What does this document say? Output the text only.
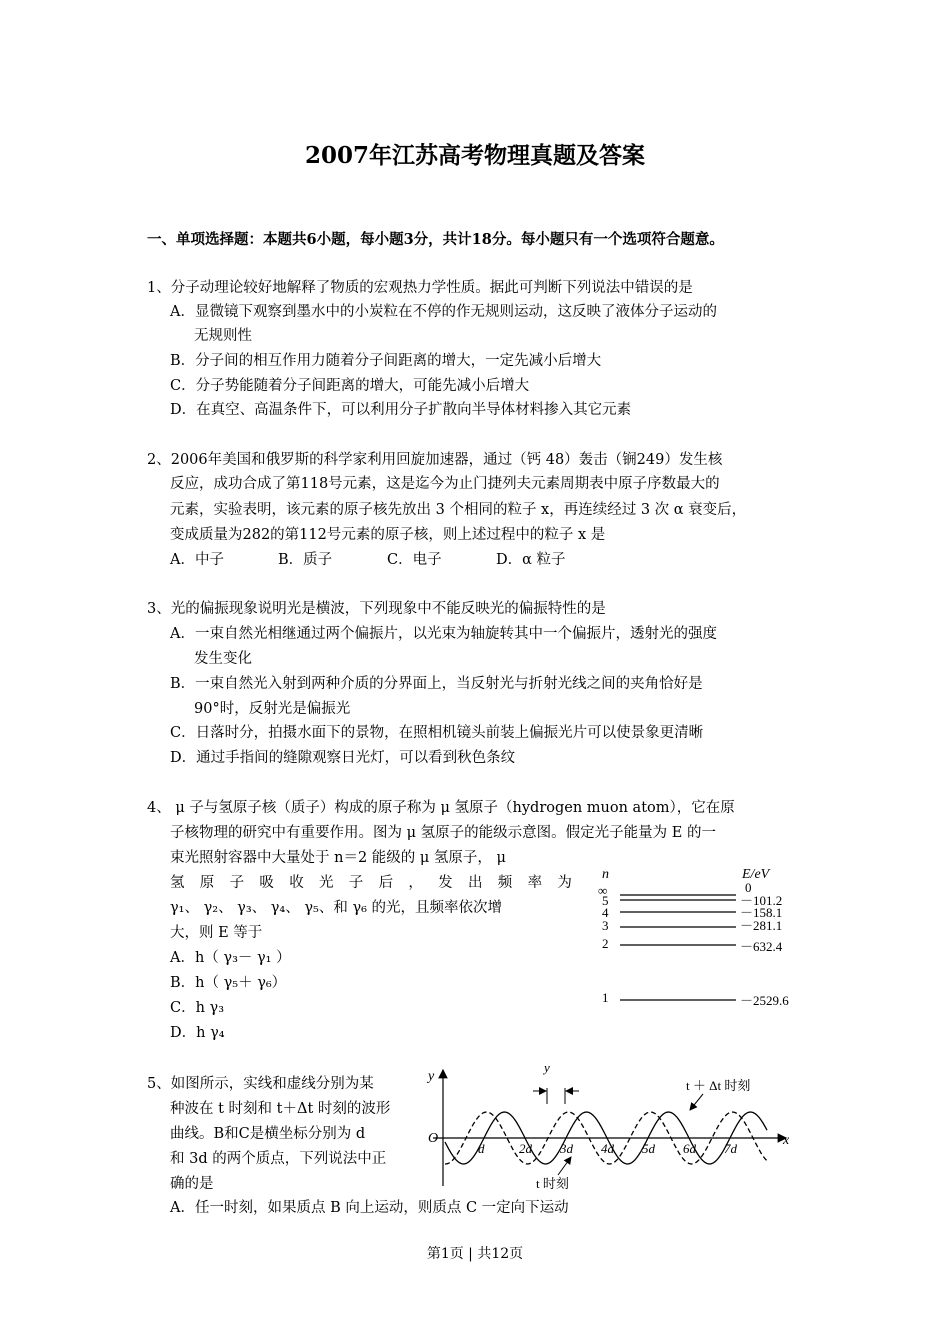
2007年江苏高考物理真题及答案
一、单项选择题：本题共6小题，每小题3分，共计18分。每小题只有一个选项符合题意。
1、分子动理论较好地解释了物质的宏观热力学性质。据此可判断下列说法中错误的是
A．显微镜下观察到墨水中的小炭粒在不停的作无规则运动，这反映了液体分子运动的
无规则性
B．分子间的相互作用力随着分子间距离的增大，一定先减小后增大
C．分子势能随着分子间距离的增大，可能先减小后增大
D．在真空、高温条件下，可以利用分子扩散向半导体材料掺入其它元素
2、2006年美国和俄罗斯的科学家利用回旋加速器，通过（钙 48）轰击（锎249）发生核
反应，成功合成了第118号元素，这是迄今为止门捷列夫元素周期表中原子序数最大的
元素，实验表明，该元素的原子核先放出 3 个相同的粒子 x，再连续经过 3 次 α 衰变后，
变成质量为282的第112号元素的原子核，则上述过程中的粒子 x 是
A．中子	B．质子	C．电子	D．α 粒子
3、光的偏振现象说明光是横波，下列现象中不能反映光的偏振特性的是
A．一束自然光相继通过两个偏振片，以光束为轴旋转其中一个偏振片，透射光的强度
发生变化
B．一束自然光入射到两种介质的分界面上，当反射光与折射光线之间的夹角恰好是
90°时，反射光是偏振光
C．日落时分，拍摄水面下的景物，在照相机镜头前装上偏振光片可以使景象更清晰
D．通过手指间的缝隙观察日光灯，可以看到秋色条纹
4、 μ 子与氢原子核（质子）构成的原子称为 μ 氢原子（hydrogen muon atom），它在原
子核物理的研究中有重要作用。图为 μ 氢原子的能级示意图。假定光子能量为 E 的一
束光照射容器中大量处于 n＝2 能级的 μ 氢原子， μ
氢 原 子 吸 收 光 子 后 ， 发 出 频 率 为
γ₁、 γ₂、 γ₃、 γ₄、 γ₅、和 γ₆ 的光，且频率依次增
大，则 E 等于
A．h（ γ₃－ γ₁ ）
B．h（ γ₅＋ γ₆）
C．h γ₃
D．h γ₄
n	E/eV
∞	0
5	－101.2
4	－158.1
3	－281.1
2	－632.4
1	－2529.6
5、如图所示，实线和虚线分别为某
种波在 t 时刻和 t＋Δt 时刻的波形
曲线。B和C是横坐标分别为 d
和 3d 的两个质点，下列说法中正
确的是
A．任一时刻，如果质点 B 向上运动，则质点 C 一定向下运动
y
x
O
d	2d 3d 4d 5d 6d 7d
y
t ＋ Δt 时刻
t 时刻
第1页 | 共12页
